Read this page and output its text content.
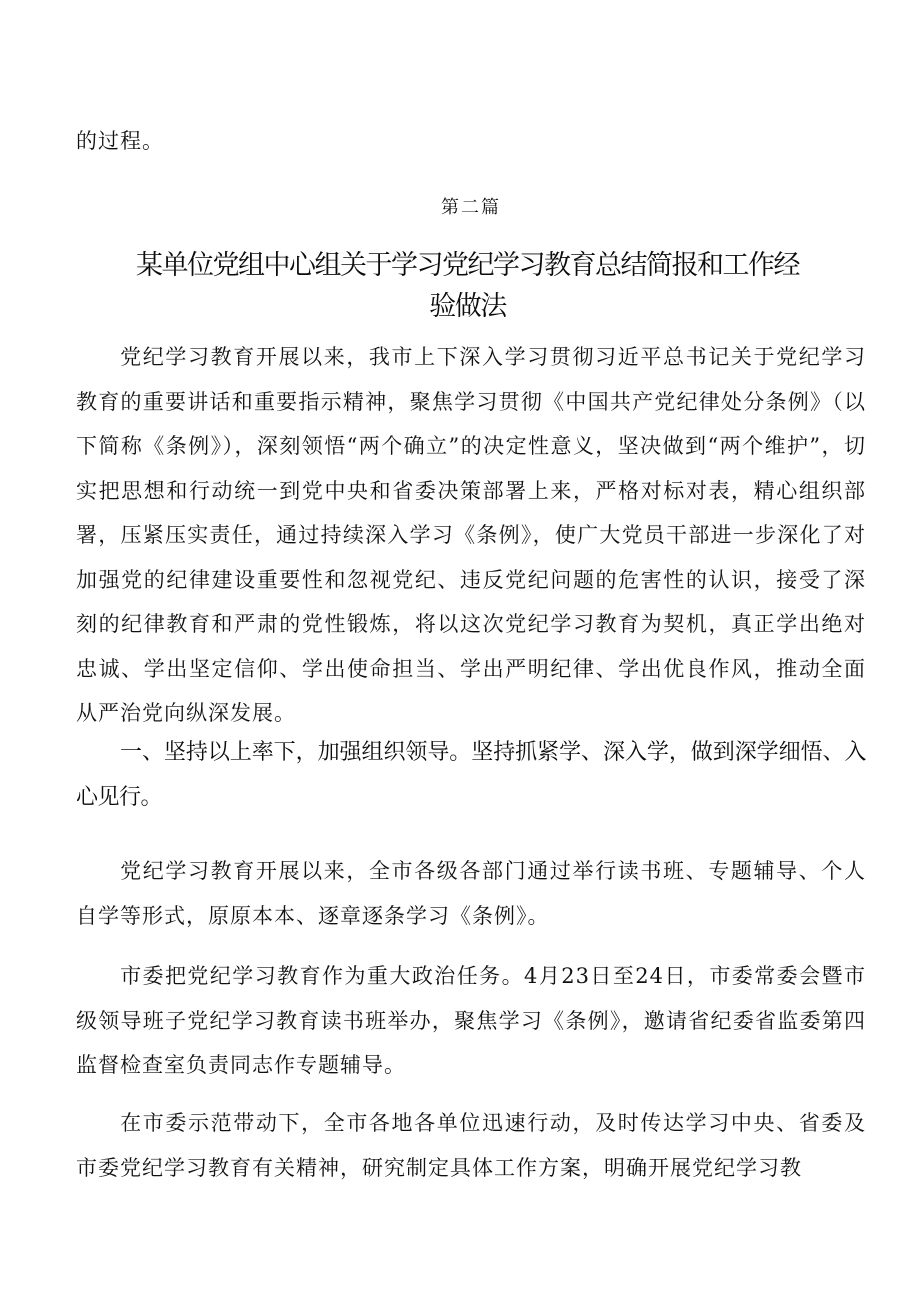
的过程。

第二篇
某单位党组中心组关于学习党纪学习教育总结简报和工作经验做法

党纪学习教育开展以来，我市上下深入学习贯彻习近平总书记关于党纪学习教育的重要讲话和重要指示精神，聚焦学习贯彻《中国共产党纪律处分条例》（以下简称《条例》），深刻领悟“两个确立”的决定性意义，坚决做到“两个维护”，切实把思想和行动统一到党中央和省委决策部署上来，严格对标对表，精心组织部署，压紧压实责任，通过持续深入学习《条例》，使广大党员干部进一步深化了对加强党的纪律建设重要性和忽视党纪、违反党纪问题的危害性的认识，接受了深刻的纪律教育和严肃的党性锻炼，将以这次党纪学习教育为契机，真正学出绝对忠诚、学出坚定信仰、学出使命担当、学出严明纪律、学出优良作风，推动全面从严治党向纵深发展。

一、坚持以上率下，加强组织领导。坚持抓紧学、深入学，做到深学细悟、入心见行。

党纪学习教育开展以来，全市各级各部门通过举行读书班、专题辅导、个人自学等形式，原原本本、逐章逐条学习《条例》。

市委把党纪学习教育作为重大政治任务。4月23日至24日，市委常委会暨市级领导班子党纪学习教育读书班举办，聚焦学习《条例》，邀请省纪委省监委第四监督检查室负责同志作专题辅导。

在市委示范带动下，全市各地各单位迅速行动，及时传达学习中央、省委及市委党纪学习教育有关精神，研究制定具体工作方案，明确开展党纪学习教
